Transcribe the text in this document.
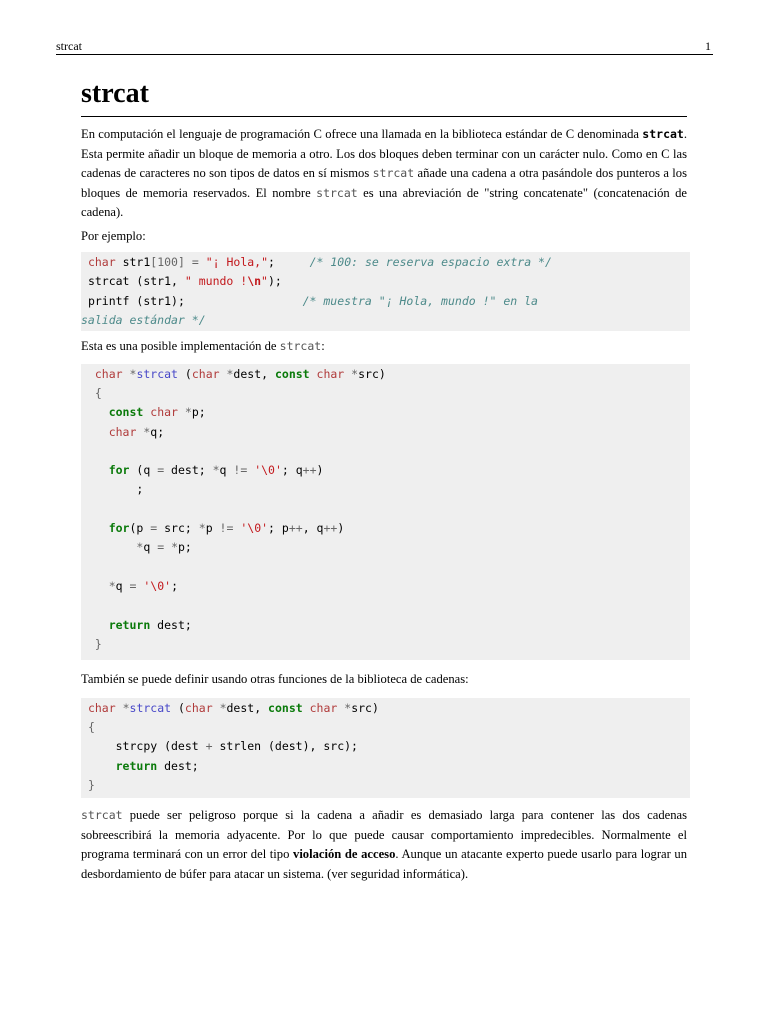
strcat	1
strcat

En computación el lenguaje de programación C ofrece una llamada en la biblioteca estándar de C denominada strcat. Esta permite añadir un bloque de memoria a otro. Los dos bloques deben terminar con un carácter nulo. Como en C las cadenas de caracteres no son tipos de datos en sí mismos strcat añade una cadena a otra pasándole dos punteros a los bloques de memoria reservados. El nombre strcat es una abreviación de "string concatenate" (concatenación de cadena).

Por ejemplo:

char str1[100] = "¡ Hola,";	/* 100: se reserva espacio extra */
strcat (str1, " mundo !\n");
printf (str1);	/* muestra "¡ Hola, mundo !" en la
salida estándar */

Esta es una posible implementación de strcat:

char *strcat (char *dest, const char *src)
{
const char *p;
char *q;

for (q = dest; *q != '\0'; q++)
;

for(p = src; *p != '\0'; p++, q++)
*q = *p;

*q = '\0';

return dest;
}

También se puede definir usando otras funciones de la biblioteca de cadenas:

char *strcat (char *dest, const char *src)
{
strcpy (dest + strlen (dest), src);
return dest;
}

strcat puede ser peligroso porque si la cadena a añadir es demasiado larga para contener las dos cadenas sobreescribirá la memoria adyacente. Por lo que puede causar comportamiento impredecibles. Normalmente el programa terminará con un error del tipo violación de acceso. Aunque un atacante experto puede usarlo para lograr un desbordamiento de búfer para atacar un sistema. (ver seguridad informática).
